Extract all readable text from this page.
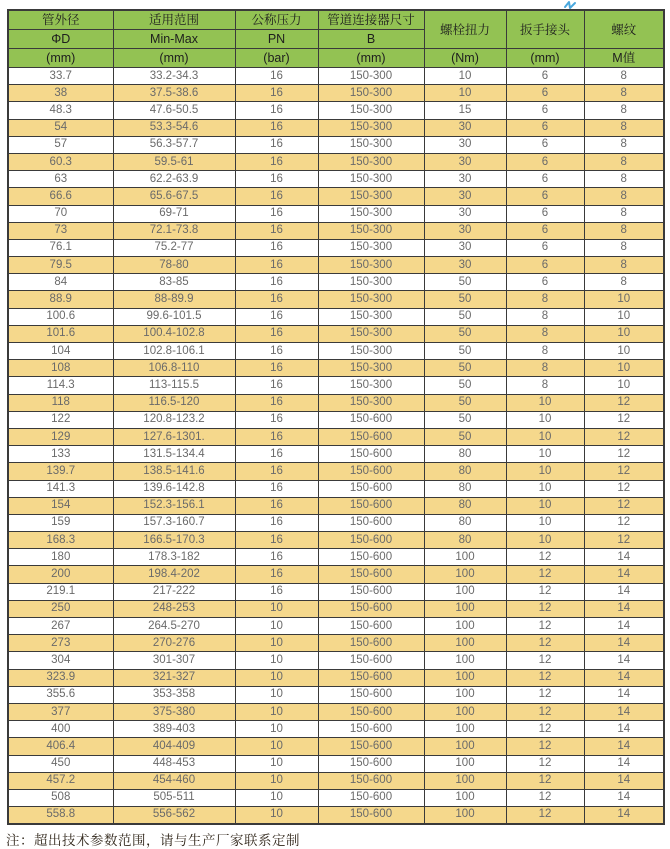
管外径	适用范围	公称压力	管道连接器尺寸	螺栓扭力	扳手接头	螺纹
ΦD	Min-Max	PN	B			
(mm)	(mm)	(bar)	(mm)	(Nm)	(mm)	M值
33.7	33.2-34.3	16	150-300	10	6	8
38	37.5-38.6	16	150-300	10	6	8
48.3	47.6-50.5	16	150-300	15	6	8
54	53.3-54.6	16	150-300	30	6	8
57	56.3-57.7	16	150-300	30	6	8
60.3	59.5-61	16	150-300	30	6	8
63	62.2-63.9	16	150-300	30	6	8
66.6	65.6-67.5	16	150-300	30	6	8
70	69-71	16	150-300	30	6	8
73	72.1-73.8	16	150-300	30	6	8
76.1	75.2-77	16	150-300	30	6	8
79.5	78-80	16	150-300	30	6	8
84	83-85	16	150-300	50	6	8
88.9	88-89.9	16	150-300	50	8	10
100.6	99.6-101.5	16	150-300	50	8	10
101.6	100.4-102.8	16	150-300	50	8	10
104	102.8-106.1	16	150-300	50	8	10
108	106.8-110	16	150-300	50	8	10
114.3	113-115.5	16	150-300	50	8	10
118	116.5-120	16	150-300	50	10	12
122	120.8-123.2	16	150-600	50	10	12
129	127.6-1301.	16	150-600	50	10	12
133	131.5-134.4	16	150-600	80	10	12
139.7	138.5-141.6	16	150-600	80	10	12
141.3	139.6-142.8	16	150-600	80	10	12
154	152.3-156.1	16	150-600	80	10	12
159	157.3-160.7	16	150-600	80	10	12
168.3	166.5-170.3	16	150-600	80	10	12
180	178.3-182	16	150-600	100	12	14
200	198.4-202	16	150-600	100	12	14
219.1	217-222	16	150-600	100	12	14
250	248-253	10	150-600	100	12	14
267	264.5-270	10	150-600	100	12	14
273	270-276	10	150-600	100	12	14
304	301-307	10	150-600	100	12	14
323.9	321-327	10	150-600	100	12	14
355.6	353-358	10	150-600	100	12	14
377	375-380	10	150-600	100	12	14
400	389-403	10	150-600	100	12	14
406.4	404-409	10	150-600	100	12	14
450	448-453	10	150-600	100	12	14
457.2	454-460	10	150-600	100	12	14
508	505-511	10	150-600	100	12	14
558.8	556-562	10	150-600	100	12	14
注：超出技术参数范围，请与生产厂家联系定制
